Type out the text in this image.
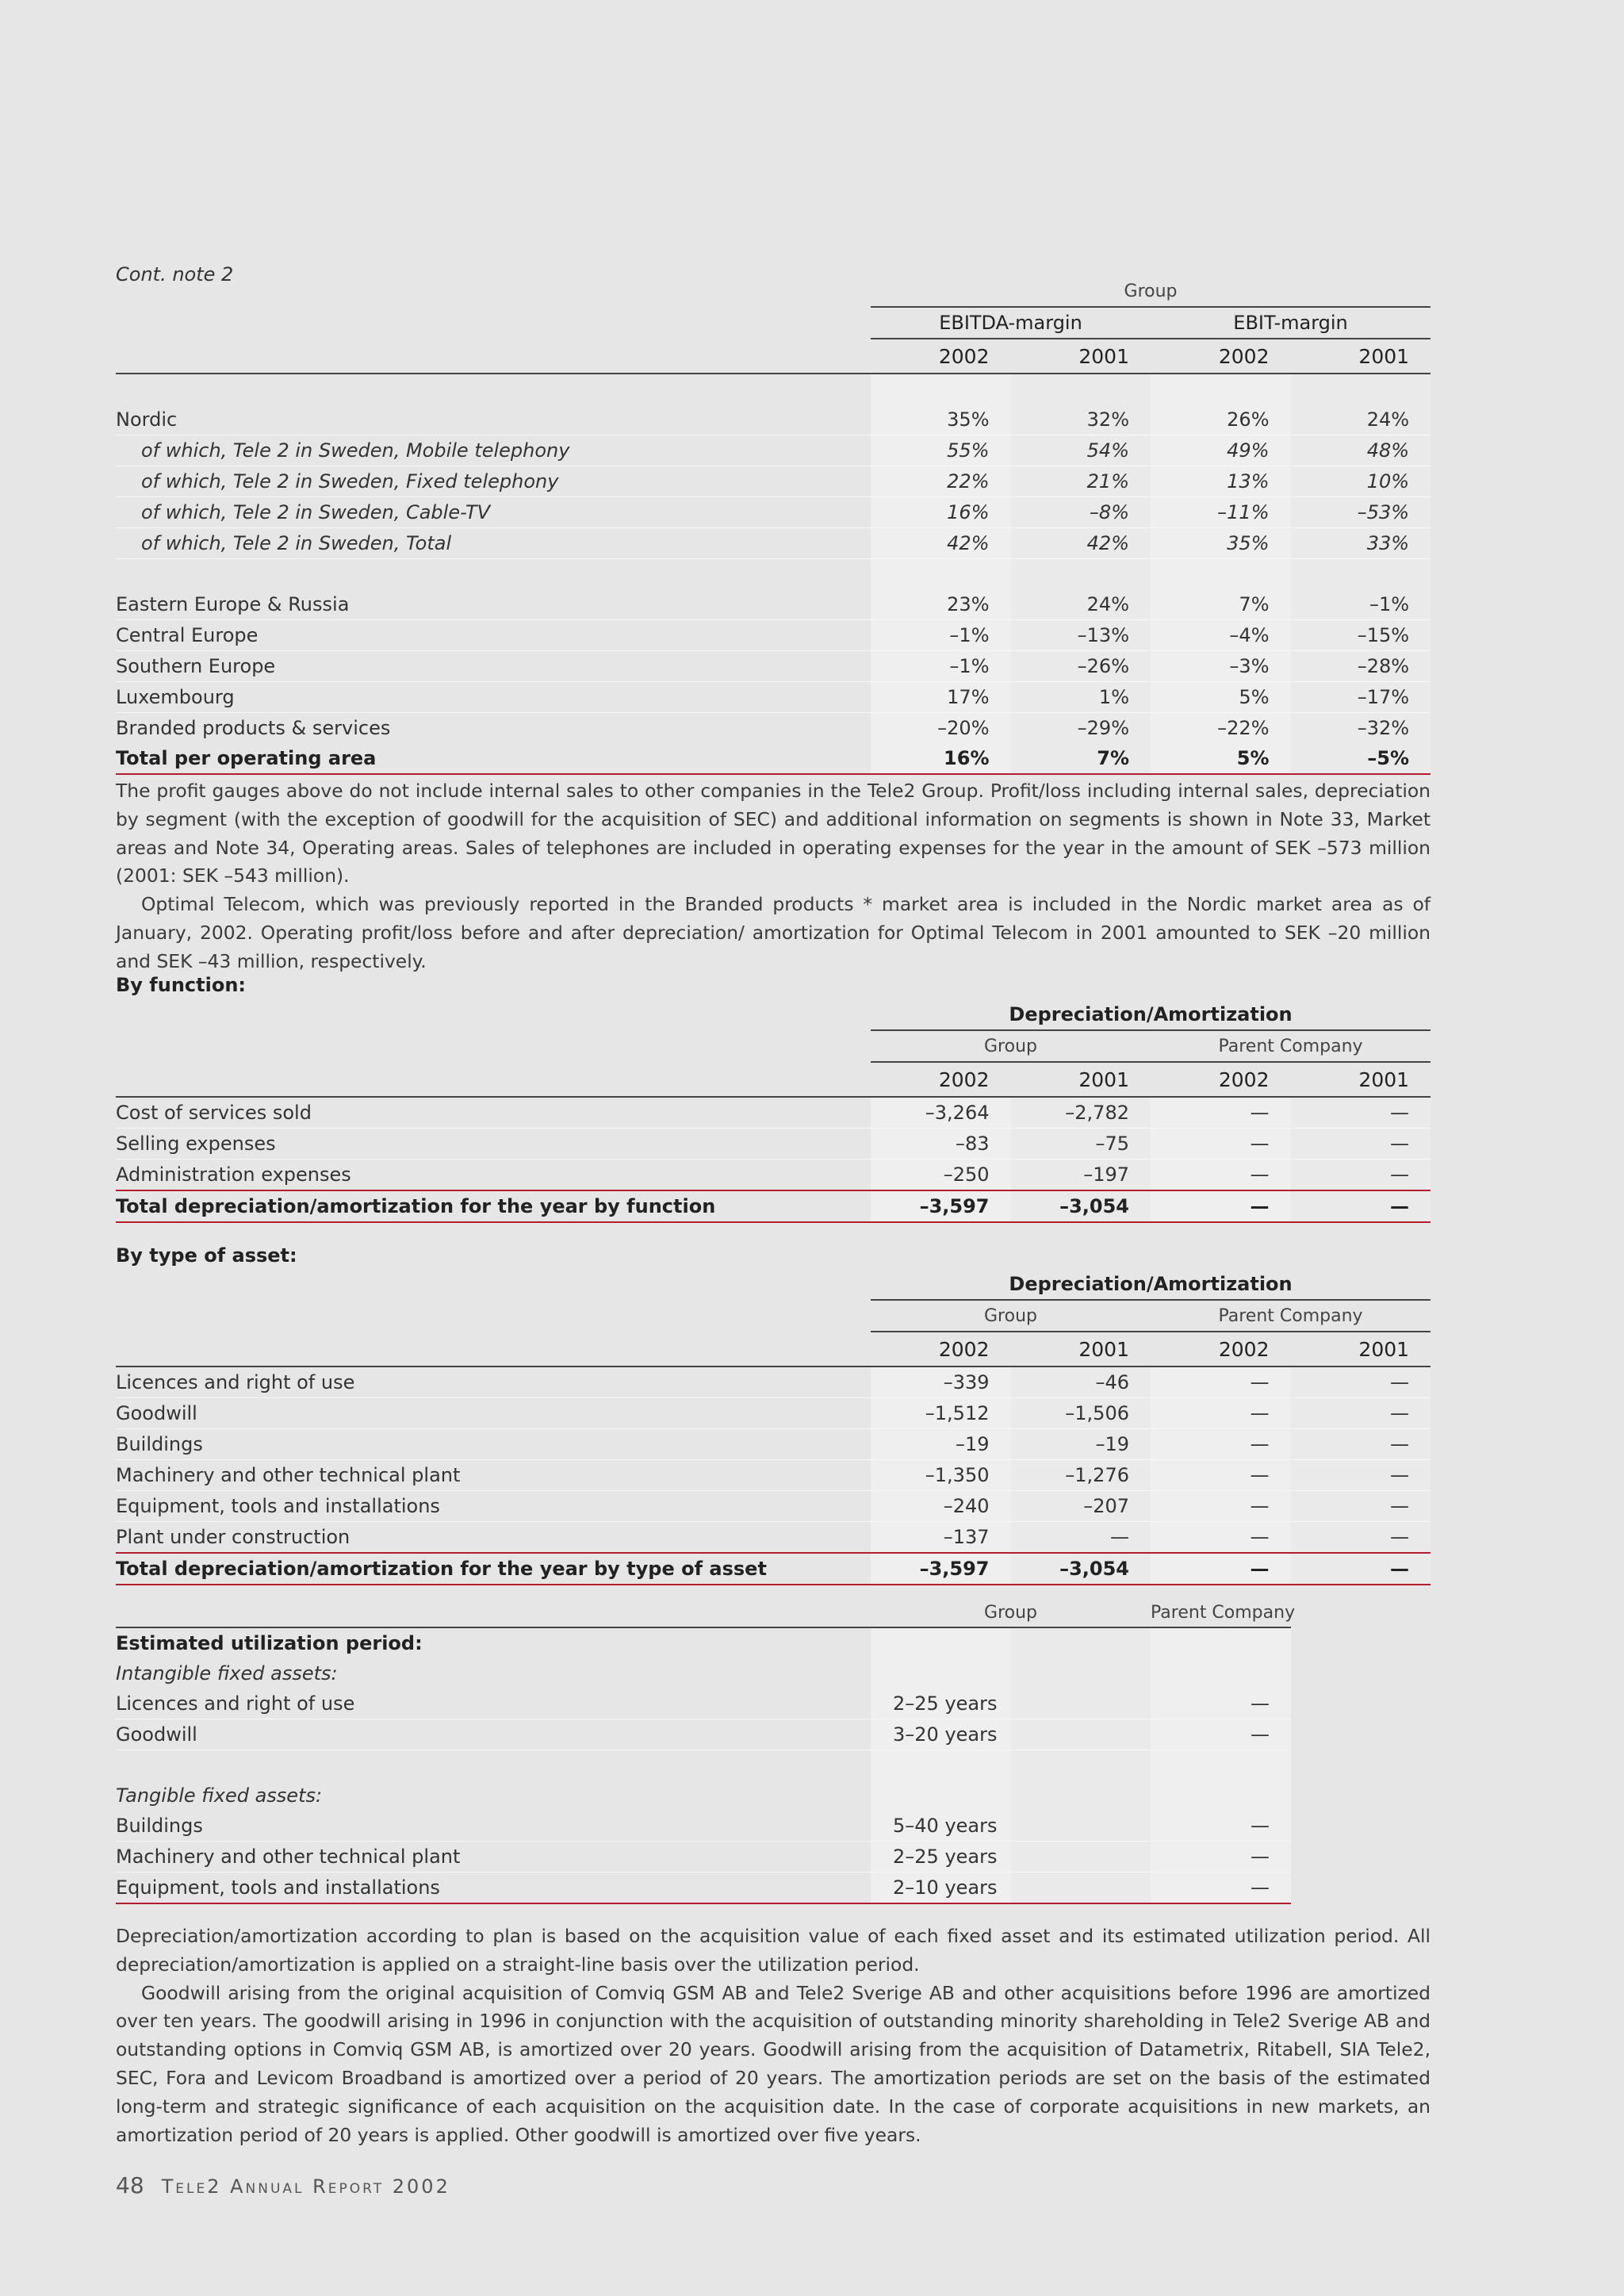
Cont. note 2
	Group			
	EBITDA-margin		EBIT-margin	
	2002	2001	2002	2001

Nordic	35%	32%	26%	24%
of which, Tele 2 in Sweden, Mobile telephony	55%	54%	49%	48%
of which, Tele 2 in Sweden, Fixed telephony	22%	21%	13%	10%
of which, Tele 2 in Sweden, Cable-TV	16%	–8%	–11%	–53%
of which, Tele 2 in Sweden, Total	42%	42%	35%	33%

Eastern Europe & Russia	23%	24%	7%	–1%
Central Europe	–1%	–13%	–4%	–15%
Southern Europe	–1%	–26%	–3%	–28%
Luxembourg	17%	1%	5%	–17%
Branded products & services	–20%	–29%	–22%	–32%
Total per operating area	16%	7%	5%	–5%

The profit gauges above do not include internal sales to other companies in the Tele2 Group. Profit/loss including internal sales, depreciation by segment (with the exception of goodwill for the acquisition of SEC) and additional information on segments is shown in Note 33, Market areas and Note 34, Operating areas. Sales of telephones are included in operating expenses for the year in the amount of SEK –573 million (2001: SEK –543 million).

Optimal Telecom, which was previously reported in the Branded products * market area is included in the Nordic market area as of January, 2002. Operating profit/loss before and after depreciation/ amortization for Optimal Telecom in 2001 amounted to SEK –20 million and SEK –43 million, respectively.

By function:
	Depreciation/Amortization			
	Group		Parent Company	
	2002	2001	2002	2001
Cost of services sold	–3,264	–2,782	—	—
Selling expenses	–83	–75	—	—
Administration expenses	–250	–197	—	—
Total depreciation/amortization for the year by function	–3,597	–3,054	—	—
By type of asset:
	Depreciation/Amortization			
	Group		Parent Company	
	2002	2001	2002	2001
Licences and right of use	–339	–46	—	—
Goodwill	–1,512	–1,506	—	—
Buildings	–19	–19	—	—
Machinery and other technical plant	–1,350	–1,276	—	—
Equipment, tools and installations	–240	–207	—	—
Plant under construction	–137	—	—	—
Total depreciation/amortization for the year by type of asset	–3,597	–3,054	—	—
	Group		Parent Company
Estimated utilization period:			
Intangible fixed assets:			
Licences and right of use	2–25 years		—
Goodwill	3–20 years		—

Tangible fixed assets:			
Buildings	5–40 years		—
Machinery and other technical plant	2–25 years		—
Equipment, tools and installations	2–10 years		—

Depreciation/amortization according to plan is based on the acquisition value of each fixed asset and its estimated utilization period. All depreciation/amortization is applied on a straight-line basis over the utilization period.

Goodwill arising from the original acquisition of Comviq GSM AB and Tele2 Sverige AB and other acquisitions before 1996 are amortized over ten years. The goodwill arising in 1996 in conjunction with the acquisition of outstanding minority shareholding in Tele2 Sverige AB and outstanding options in Comviq GSM AB, is amortized over 20 years. Goodwill arising from the acquisition of Datametrix, Ritabell, SIA Tele2, SEC, Fora and Levicom Broadband is amortized over a period of 20 years. The amortization periods are set on the basis of the estimated long-term and strategic significance of each acquisition on the acquisition date. In the case of corporate acquisitions in new markets, an amortization period of 20 years is applied. Other goodwill is amortized over five years.

48 Tele2 Annual Report 2002
